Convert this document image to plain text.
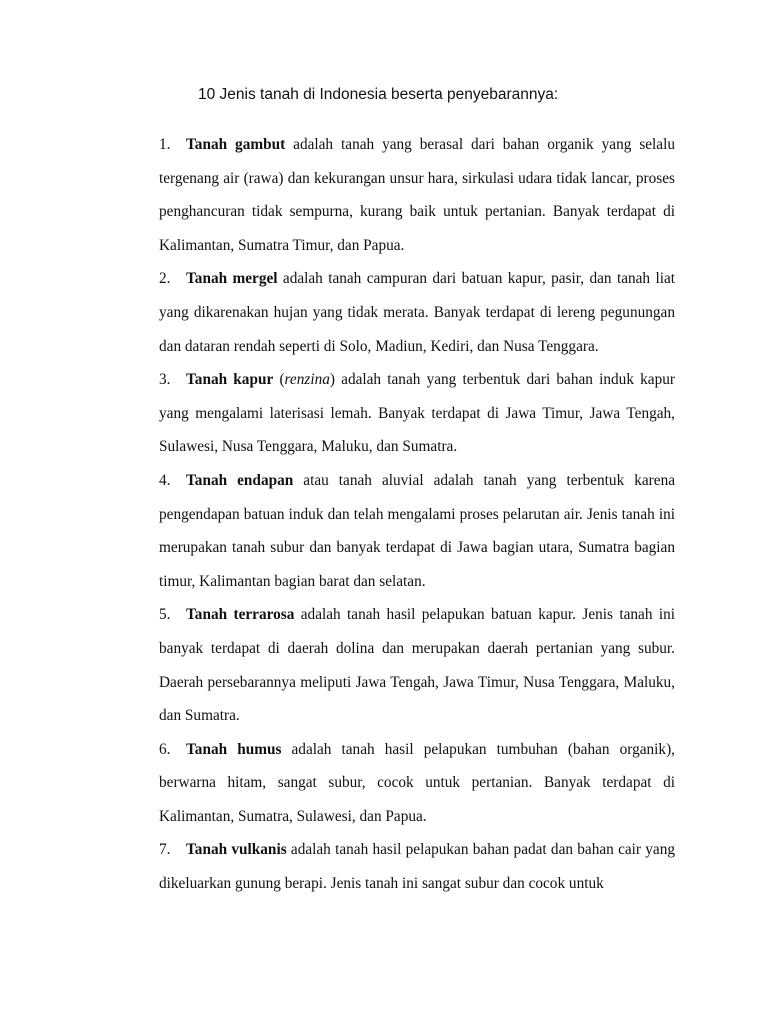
10 Jenis tanah di Indonesia beserta penyebarannya:

1. Tanah gambut adalah tanah yang berasal dari bahan organik yang selalu tergenang air (rawa) dan kekurangan unsur hara, sirkulasi udara tidak lancar, proses penghancuran tidak sempurna, kurang baik untuk pertanian. Banyak terdapat di Kalimantan, Sumatra Timur, dan Papua.

2. Tanah mergel adalah tanah campuran dari batuan kapur, pasir, dan tanah liat yang dikarenakan hujan yang tidak merata. Banyak terdapat di lereng pegunungan dan dataran rendah seperti di Solo, Madiun, Kediri, dan Nusa Tenggara.

3. Tanah kapur (renzina) adalah tanah yang terbentuk dari bahan induk kapur yang mengalami laterisasi lemah. Banyak terdapat di Jawa Timur, Jawa Tengah, Sulawesi, Nusa Tenggara, Maluku, dan Sumatra.

4. Tanah endapan atau tanah aluvial adalah tanah yang terbentuk karena pengendapan batuan induk dan telah mengalami proses pelarutan air. Jenis tanah ini merupakan tanah subur dan banyak terdapat di Jawa bagian utara, Sumatra bagian timur, Kalimantan bagian barat dan selatan.

5. Tanah terrarosa adalah tanah hasil pelapukan batuan kapur. Jenis tanah ini banyak terdapat di daerah dolina dan merupakan daerah pertanian yang subur. Daerah persebarannya meliputi Jawa Tengah, Jawa Timur, Nusa Tenggara, Maluku, dan Sumatra.

6. Tanah humus adalah tanah hasil pelapukan tumbuhan (bahan organik), berwarna hitam, sangat subur, cocok untuk pertanian. Banyak terdapat di Kalimantan, Sumatra, Sulawesi, dan Papua.

7. Tanah vulkanis adalah tanah hasil pelapukan bahan padat dan bahan cair yang dikeluarkan gunung berapi. Jenis tanah ini sangat subur dan cocok untuk
